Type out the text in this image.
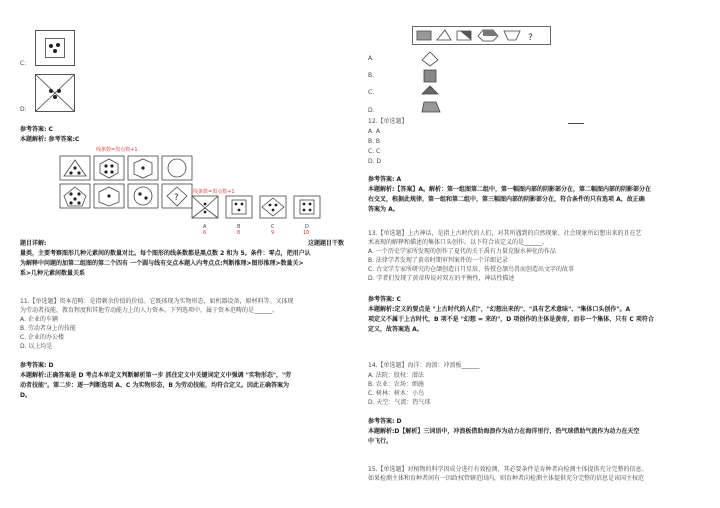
C:
D:
参考答案: C
本题解析: 参考答案:C
线条数=黑点数+1
?
线条数=黑点数+1
A	B	C	D
6	8	9	10
题目详解:	这题题目干数
量类，主要考察图形几种元素间的数量对比。每个图形的线条数都是黑点数 2 和为 5。条件：零点，把用户认
为解释中问题的加第二组图的第二个四有 一个圆与线有交点本题入内考点点:判断推理>图形推理>数量关>
系>几种元素间数量关系
11.【单选题】资本范畴：是指剩余价值的价值。它既体现为实物形态，如机器设备，原材料等。又体现
为劳动者技能，教育程度和其他劳动能力上的人力资本。下列选项中，属于资本范畴的是______。
A. 企业的车辆
B. 劳动者身上的技能
C. 企业的办公楼
D. 以上均是
参考答案: D
本题解析:正确答案是 D 考点本单定义判断解析第一步 抓住定义中关键词定义中强调 "实物形态"，"劳
动者技能"。第二步：逐一判断选项 A、C 为实物形态，B 为劳动技能，均符合定义。因此正确答案为
D。
?
A.
B.
C.
D.
12.【单选题】
A. A
B. B
C. C
D. D
参考答案: A
本题解析:【答案】A。解析：第一组图第二组中，第一幅图内部的阴影部分在，第二幅图内部的阴影部分在
右交叉，根据此规律，第一组和第二组中，第三幅图内部的阴影部分在，符合条件的只有选项 A，故正确
答案为 A。
13.【单选题】上古神话，是指上古时代的人们，对其所遇到的自然现象、社会现象所幻想出来的且在艺
术表现的解释和描述的集体口头创作。以下符合该定义的是______。
A. 一个历史学家所发现的创作了夏代的关于禹有力量克服水神化的作品
B. 法律学者发现了黄帝时期审判案件的一个详细记录
C. 古文学专家所研究的仓颉创造日月星辰、传授仓颉鸟兽而创造出文字的故事
D. 学者们发现了黄帝传说对双方的平衡性，神话性描述
参考答案: C
本题解析:定义的要点是 "上古时代的人们"，"幻想出来的"、"具有艺术意味"、"集体口头创作"。A
项定义不属于上古时代，B 项不是 "幻想 = 来的"，D 项创作的主体是黄帝，而非一个集体，只有 C 项符合
定义，故答案选 A。
14.【单选题】海洋：海浪：冲浪板______
A. 法院：股权：潜法
B. 农业：农场：细施
C. 树林：树木：小鸟
D. 天空：气流：热气球
参考答案: D
本题解析:D【解析】三词语中，冲浪板借助海浪作为动力在海洋里行，热气球借助气流作为动力在天空
中飞行。
15.【单选题】对植物的科学因成分进行有效检测，其必要条件是育种者向检测主体提供充分完整的信息。
如果检测主体和育种者间有一因政权管辖范围内，则育种者向检测主体提供充分完整的信息是该国主权范
